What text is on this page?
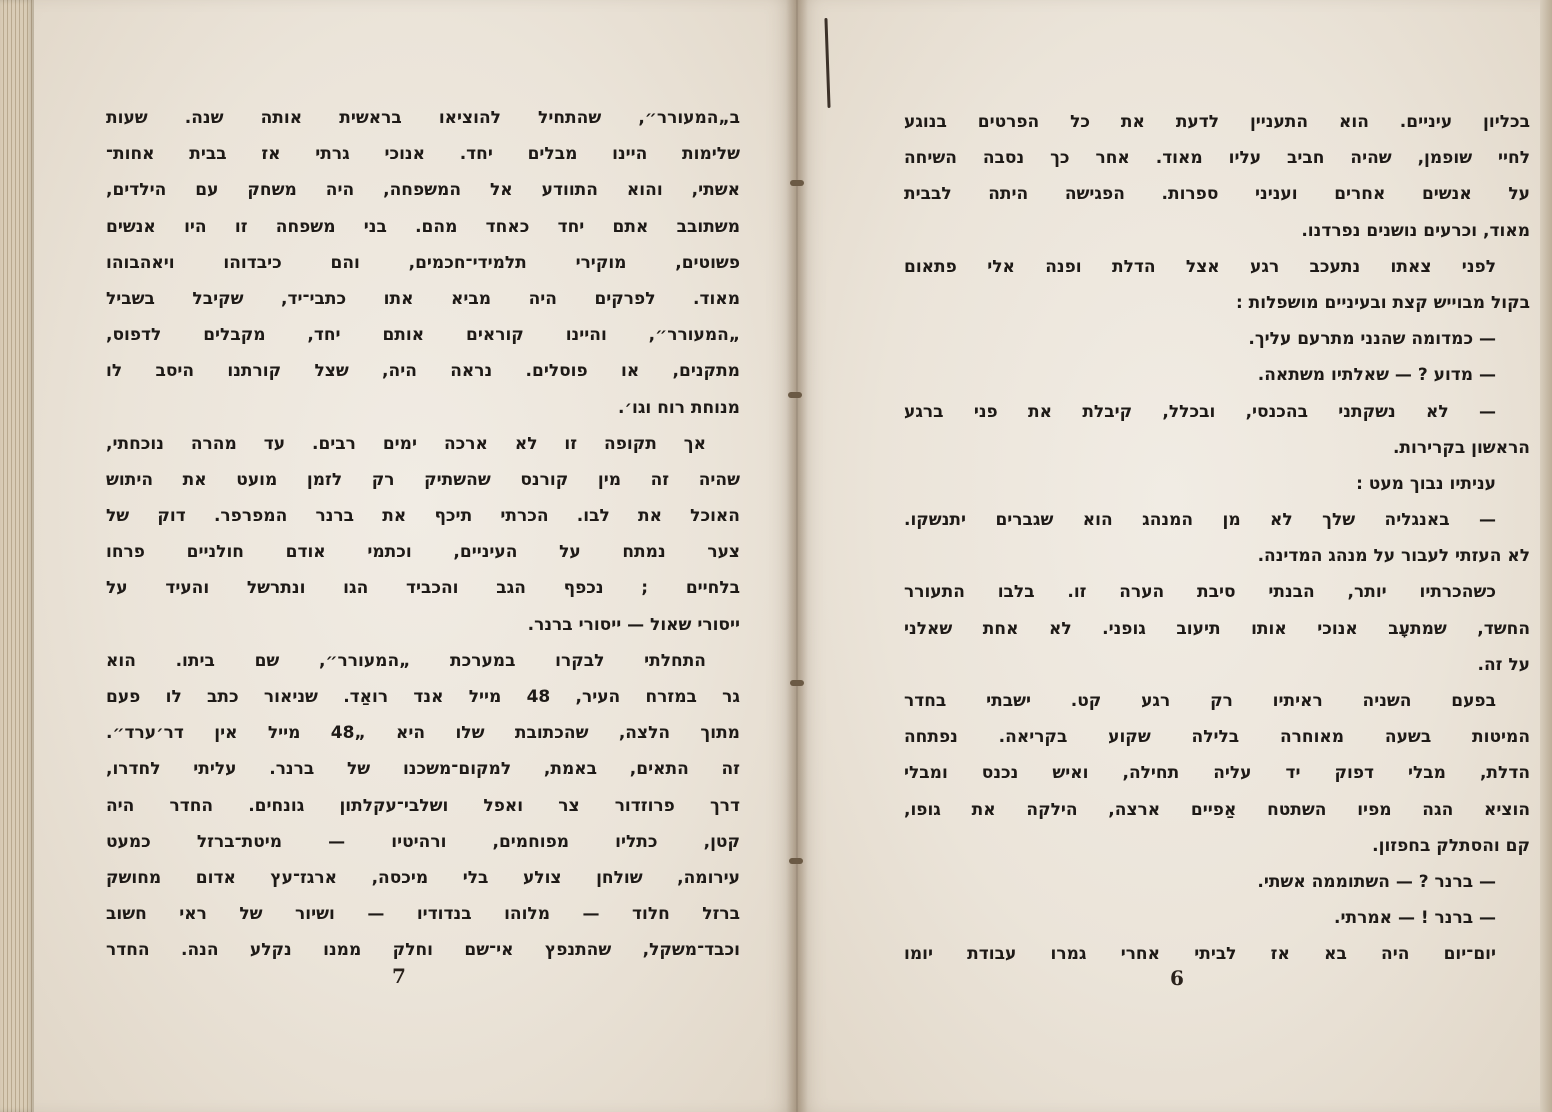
ב„המעורר״, שהתחיל להוציאו בראשית אותה שנה. שעות
שלימות היינו מבלים יחד. אנוכי גרתי אז בבית אחות־
אשתי, והוא התוודע אל המשפחה, היה משחק עם הילדים,
משתובב אתם יחד כאחד מהם. בני משפחה זו היו אנשים
פשוטים, מוקירי תלמידי־חכמים, והם כיבדוהו ויאהבוהו
מאוד. לפרקים היה מביא אתו כתבי־יד, שקיבל בשביל
„המעורר״, והיינו קוראים אותם יחד, מקבלים לדפוס,
מתקנים, או פוסלים. נראה היה, שצל קורתנו היסב לו
מנוחת רוח וגו׳.
אך תקופה זו לא ארכה ימים רבים. עד מהרה נוכחתי,
שהיה זה מין קורנס שהשתיק רק לזמן מועט את היתוש
האוכל את לבו. הכרתי תיכף את ברנר המפרפר. דוק של
צער נמתח על העיניים, וכתמי אודם חולניים פרחו
בלחיים ; נכפף הגב והכביד הגו ונתרשל והעיד על
ייסורי שאול — ייסורי ברנר.
התחלתי לבקרו במערכת „המעורר״, שם ביתו. הוא
גר במזרח העיר, 48 מייל אנד רואַד. שניאור כתב לו פעם
מתוך הלצה, שהכתובת שלו היא „48 מייל אין דר׳ערד״.
זה התאים, באמת, למקום־משכנו של ברנר. עליתי לחדרו,
דרך פרוזדור צר ואפל ושלבי־עקלתון גונחים. החדר היה
קטן, כתליו מפוחמים, ורהיטיו — מיטת־ברזל כמעט
עירומה, שולחן צולע בלי מיכסה, ארגז־עץ אדום מחושק
ברזל חלוד — מלוהו בנדודיו — ושיור של ראי חשוב
וכבד־משקל, שהתנפץ אי־שם וחלק ממנו נקלע הנה. החדר
7
בכליון עיניים. הוא התעניין לדעת את כל הפרטים בנוגע
לחיי שופמן, שהיה חביב עליו מאוד. אחר כך נסבה השיחה
על אנשים אחרים ועניני ספרות. הפגישה היתה לבבית
מאוד, וכרעים נושנים נפרדנו.
לפני צאתו נתעכב רגע אצל הדלת ופנה אלי פתאום
בקול מבוייש קצת ובעיניים מושפלות :
— כמדומה שהנני מתרעם עליך.
— מדוע ? — שאלתיו משתאה.
— לא נשקתני בהכנסי, ובכלל, קיבלת את פני ברגע
הראשון בקרירות.
עניתיו נבוך מעט :
— באנגליה שלך לא מן המנהג הוא שגברים יתנשקו.
לא העזתי לעבור על מנהג המדינה.
כשהכרתיו יותר, הבנתי סיבת הערה זו. בלבו התעורר
החשד, שמתעָב אנוכי אותו תיעוב גופני. לא אחת שאלני
על זה.
בפעם השניה ראיתיו רק רגע קט. ישבתי בחדר
המיטות בשעה מאוחרה בלילה שקוע בקריאה. נפתחה
הדלת, מבלי דפוק יד עליה תחילה, ואיש נכנס ומבלי
הוציא הגה מפיו השתטח אַפיים ארצה, הילקה את גופו,
קם והסתלק בחפזון.
— ברנר ? — השתוממה אשתי.
— ברנר ! — אמרתי.
יום־יום היה בא אז לביתי אחרי גמרו עבודת יומו
6
